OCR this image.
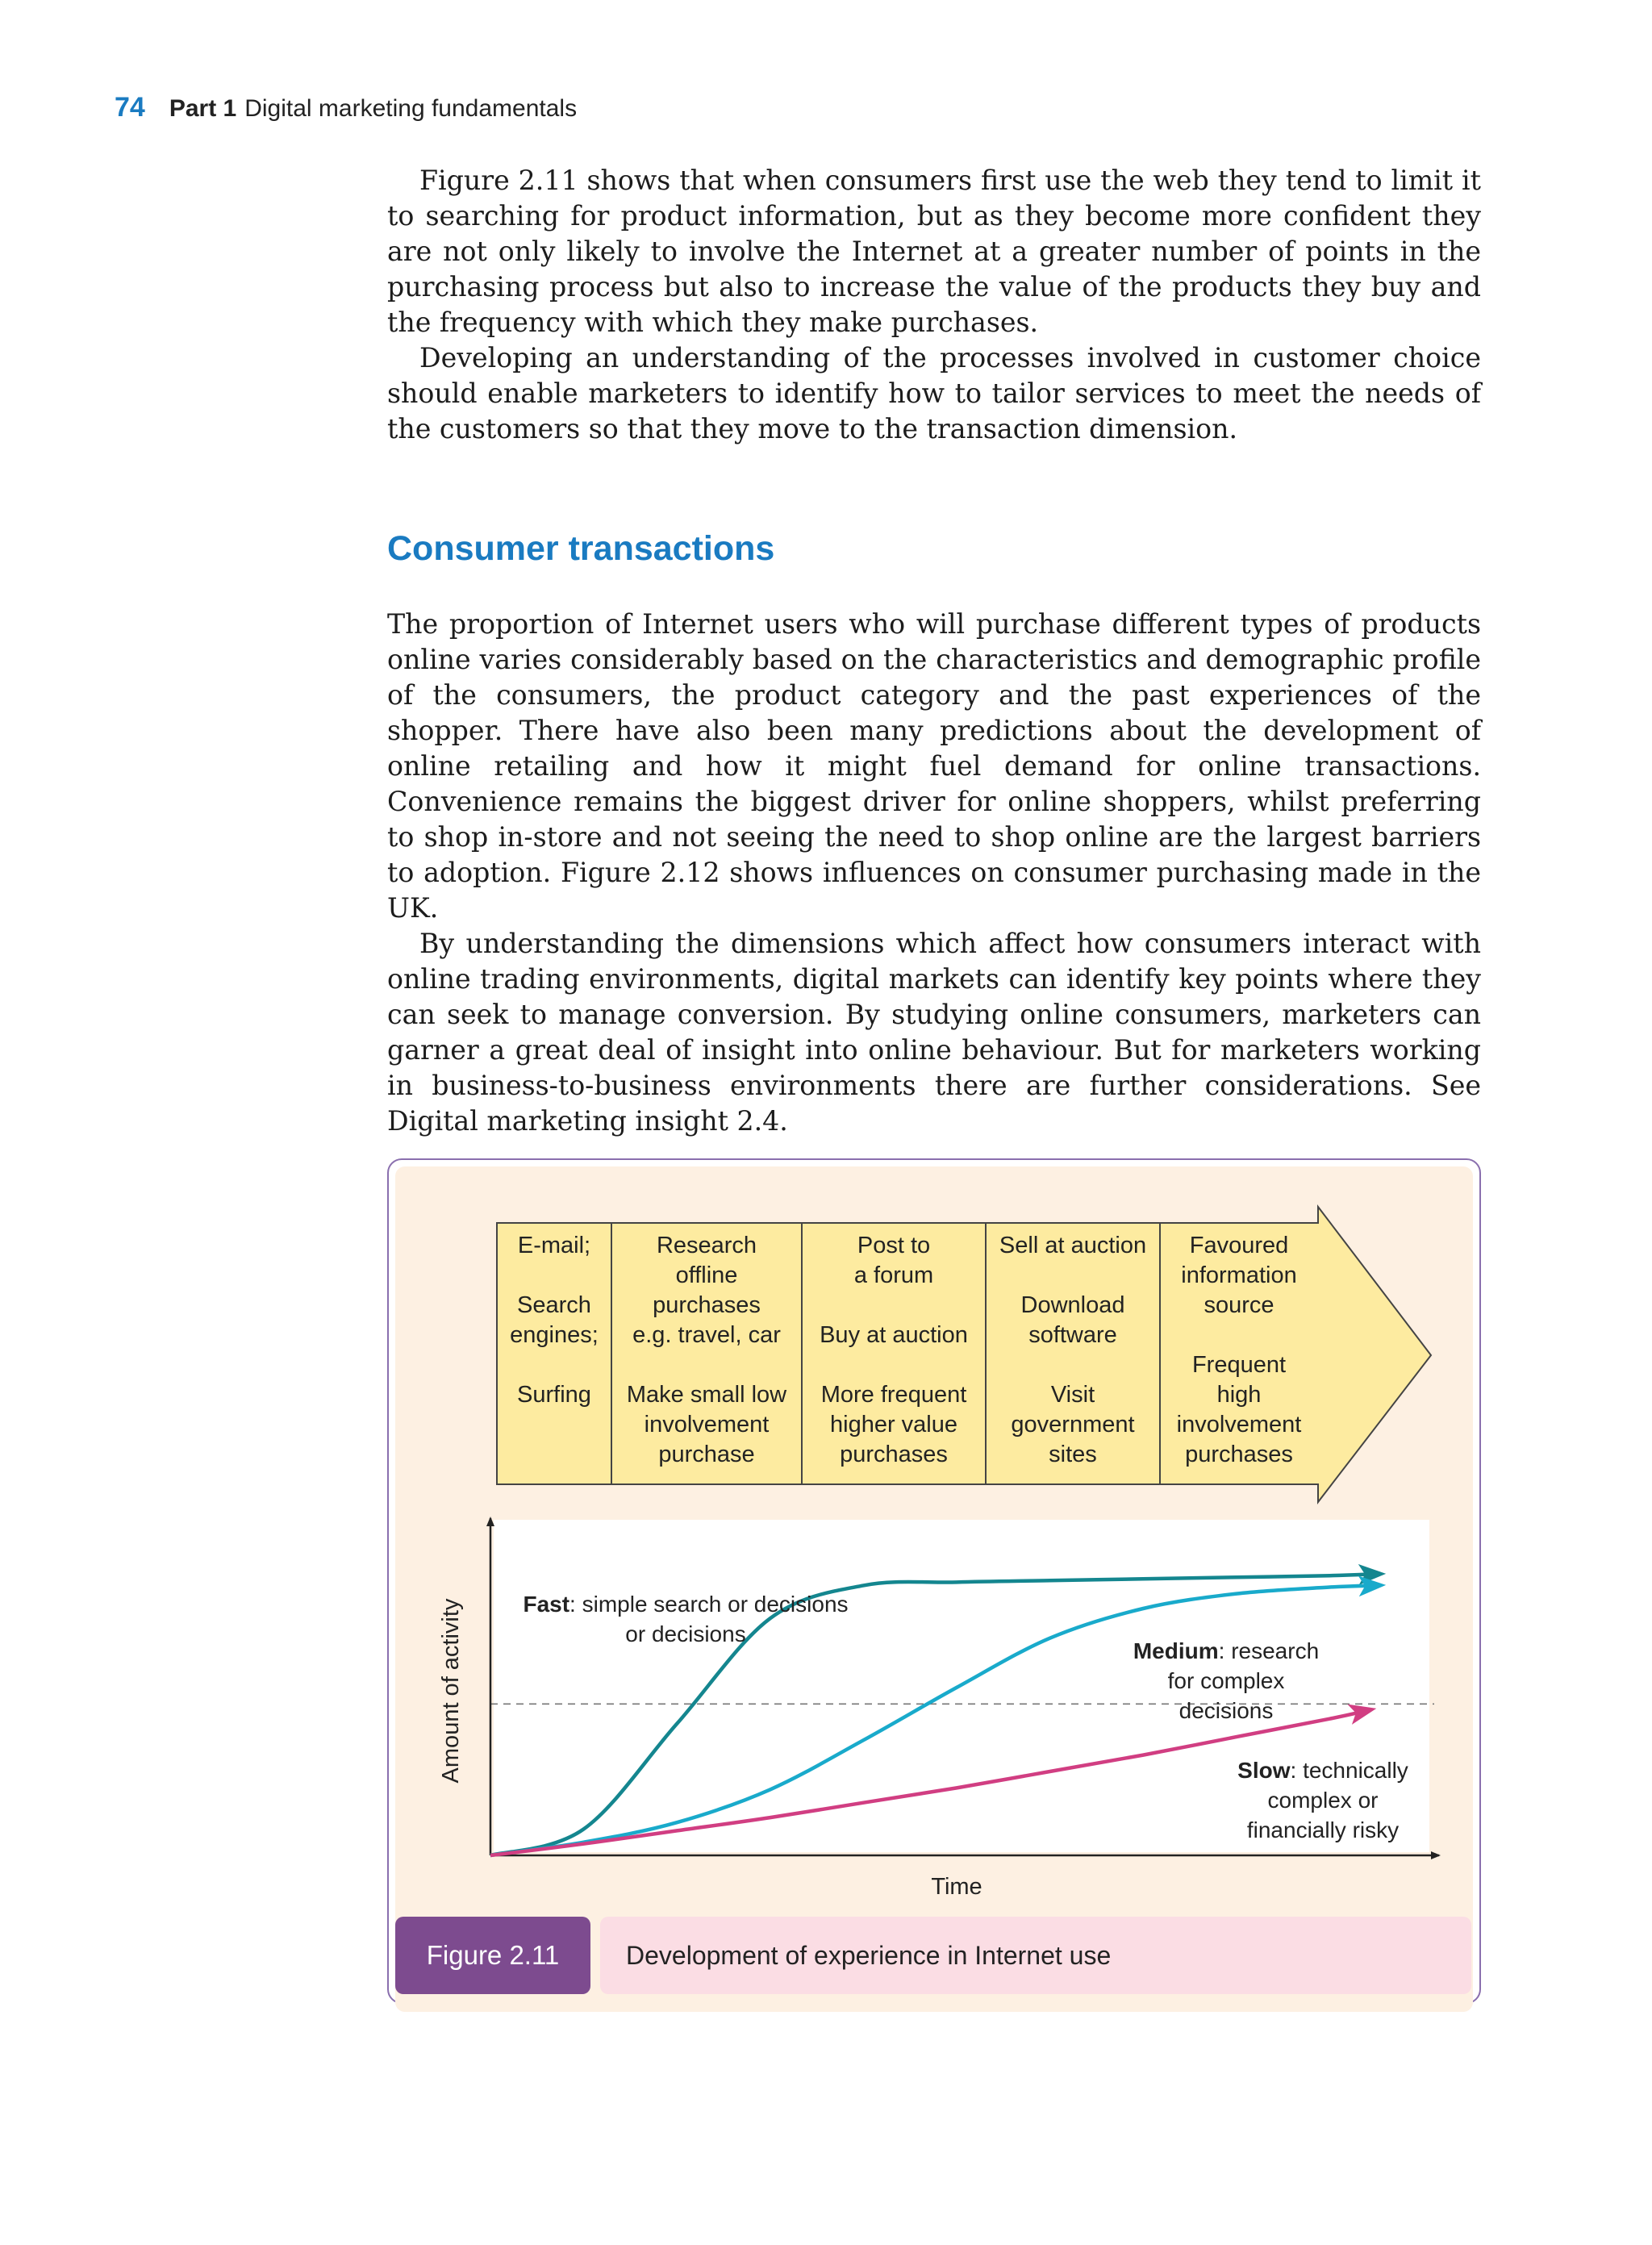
74 Part 1 Digital marketing fundamentals

Figure 2.11 shows that when consumers first use the web they tend to limit it to searching for product information, but as they become more confident they are not only likely to involve the Internet at a greater number of points in the purchasing process but also to increase the value of the products they buy and the frequency with which they make purchases.

Developing an understanding of the processes involved in customer choice should enable marketers to identify how to tailor services to meet the needs of the customers so that they move to the transaction dimension.

Consumer transactions

The proportion of Internet users who will purchase different types of products online varies considerably based on the characteristics and demographic profile of the consumers, the product category and the past experiences of the shopper. There have also been many predictions about the development of online retailing and how it might fuel demand for online transactions. Convenience remains the biggest driver for online shoppers, whilst preferring to shop in-store and not seeing the need to shop online are the largest barriers to adoption. Figure 2.12 shows influences on consumer purchasing made in the UK.

By understanding the dimensions which affect how consumers interact with online trading environments, digital markets can identify key points where they can seek to manage conversion. By studying online consumers, marketers can garner a great deal of insight into online behaviour. But for marketers working in business-to-business environments there are further considerations. See Digital marketing insight 2.4.

E-mail;
Search
engines;
Surfing
Research
offline
purchases
e.g. travel, car
Make small low
involvement
purchase
Post to
a forum
Buy at auction
More frequent
higher value
purchases
Sell at auction
Download
software
Visit
government
sites
Favoured
information
source
Frequent
high
involvement
purchases
Time
Amount of activity	Fast: simple search or decisions
or decisions
Medium: research
for complex
decisions
Slow: technically
complex or
financially risky
Figure 2.11	Development of experience in Internet use
